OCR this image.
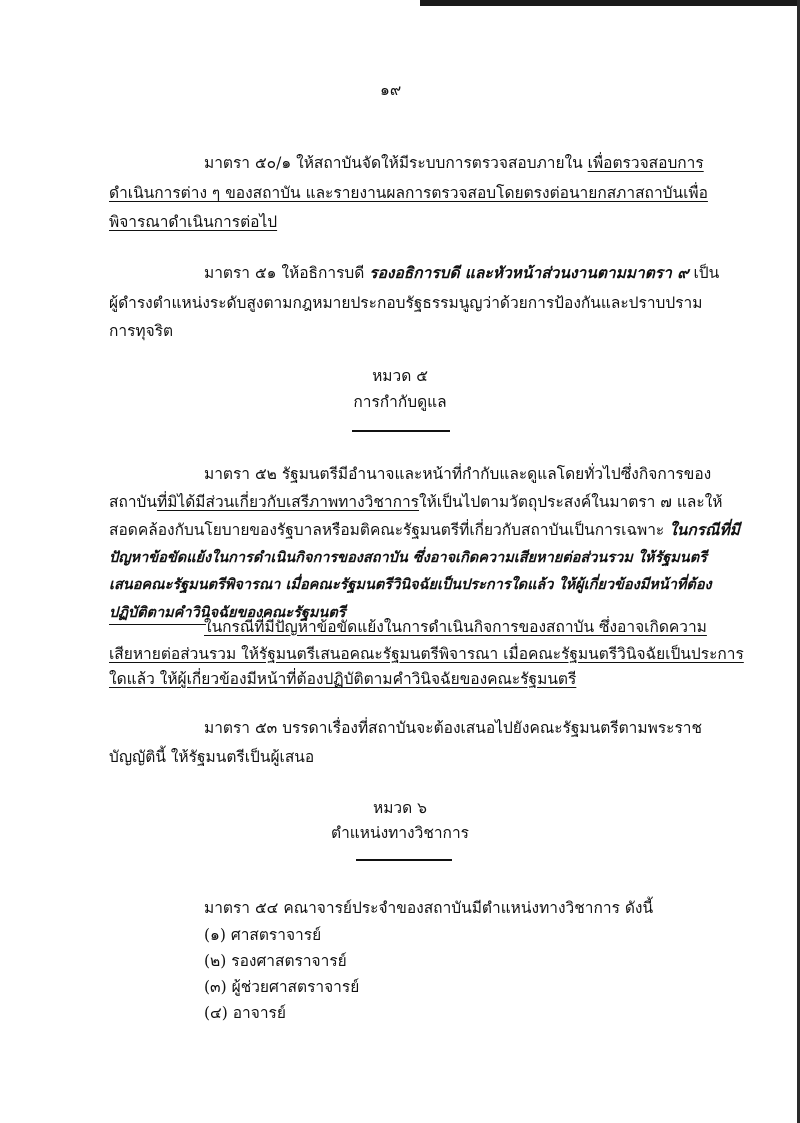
๑๙
มาตรา ๕๐/๑ ให้สถาบันจัดให้มีระบบการตรวจสอบภายใน เพื่อตรวจสอบการ
ดำเนินการต่าง ๆ ของสถาบัน และรายงานผลการตรวจสอบโดยตรงต่อนายกสภาสถาบันเพื่อ
พิจารณาดำเนินการต่อไป
มาตรา ๕๑ ให้อธิการบดี รองอธิการบดี และหัวหน้าส่วนงานตามมาตรา ๙ เป็น
ผู้ดำรงตำแหน่งระดับสูงตามกฎหมายประกอบรัฐธรรมนูญว่าด้วยการป้องกันและปราบปราม
การทุจริต
หมวด ๕
การกำกับดูแล
มาตรา ๕๒ รัฐมนตรีมีอำนาจและหน้าที่กำกับและดูแลโดยทั่วไปซึ่งกิจการของ
สถาบันที่มิได้มีส่วนเกี่ยวกับเสรีภาพทางวิชาการให้เป็นไปตามวัตถุประสงค์ในมาตรา ๗ และให้
สอดคล้องกับนโยบายของรัฐบาลหรือมติคณะรัฐมนตรีที่เกี่ยวกับสถาบันเป็นการเฉพาะ ในกรณีที่มี
ปัญหาข้อขัดแย้งในการดำเนินกิจการของสถาบัน ซึ่งอาจเกิดความเสียหายต่อส่วนรวม ให้รัฐมนตรี
เสนอคณะรัฐมนตรีพิจารณา เมื่อคณะรัฐมนตรีวินิจฉัยเป็นประการใดแล้ว ให้ผู้เกี่ยวข้องมีหน้าที่ต้อง
ปฏิบัติตามคำวินิจฉัยของคณะรัฐมนตรี
ในกรณีที่มีปัญหาข้อขัดแย้งในการดำเนินกิจการของสถาบัน ซึ่งอาจเกิดความ
เสียหายต่อส่วนรวม ให้รัฐมนตรีเสนอคณะรัฐมนตรีพิจารณา เมื่อคณะรัฐมนตรีวินิจฉัยเป็นประการ
ใดแล้ว ให้ผู้เกี่ยวข้องมีหน้าที่ต้องปฏิบัติตามคำวินิจฉัยของคณะรัฐมนตรี
มาตรา ๕๓ บรรดาเรื่องที่สถาบันจะต้องเสนอไปยังคณะรัฐมนตรีตามพระราช
บัญญัตินี้ ให้รัฐมนตรีเป็นผู้เสนอ
หมวด ๖
ตำแหน่งทางวิชาการ
มาตรา ๕๔ คณาจารย์ประจำของสถาบันมีตำแหน่งทางวิชาการ ดังนี้
(๑) ศาสตราจารย์
(๒) รองศาสตราจารย์
(๓) ผู้ช่วยศาสตราจารย์
(๔) อาจารย์
